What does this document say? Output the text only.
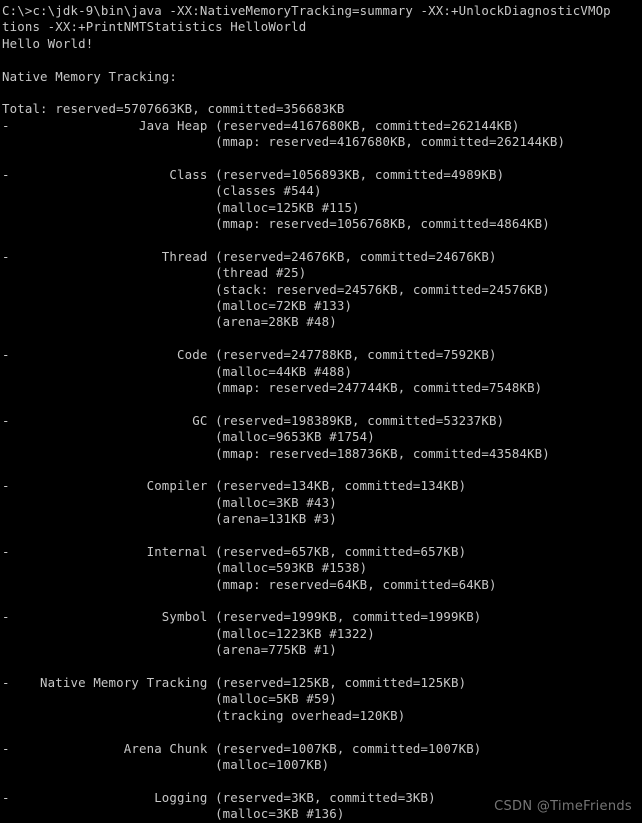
C:\>c:\jdk-9\bin\java -XX:NativeMemoryTracking=summary -XX:+UnlockDiagnosticVMOp
tions -XX:+PrintNMTStatistics HelloWorld
Hello World!
Native Memory Tracking:
Total: reserved=5707663KB, committed=356683KB
-                 Java Heap (reserved=4167680KB, committed=262144KB)
(mmap: reserved=4167680KB, committed=262144KB)
-                     Class (reserved=1056893KB, committed=4989KB)
(classes #544)
(malloc=125KB #115)
(mmap: reserved=1056768KB, committed=4864KB)
-                    Thread (reserved=24676KB, committed=24676KB)
(thread #25)
(stack: reserved=24576KB, committed=24576KB)
(malloc=72KB #133)
(arena=28KB #48)
-                      Code (reserved=247788KB, committed=7592KB)
(malloc=44KB #488)
(mmap: reserved=247744KB, committed=7548KB)
-                        GC (reserved=198389KB, committed=53237KB)
(malloc=9653KB #1754)
(mmap: reserved=188736KB, committed=43584KB)
-                  Compiler (reserved=134KB, committed=134KB)
(malloc=3KB #43)
(arena=131KB #3)
-                  Internal (reserved=657KB, committed=657KB)
(malloc=593KB #1538)
(mmap: reserved=64KB, committed=64KB)
-                    Symbol (reserved=1999KB, committed=1999KB)
(malloc=1223KB #1322)
(arena=775KB #1)
-    Native Memory Tracking (reserved=125KB, committed=125KB)
(malloc=5KB #59)
(tracking overhead=120KB)
-               Arena Chunk (reserved=1007KB, committed=1007KB)
(malloc=1007KB)
-                   Logging (reserved=3KB, committed=3KB)
(malloc=3KB #136)
CSDN @TimeFriends
